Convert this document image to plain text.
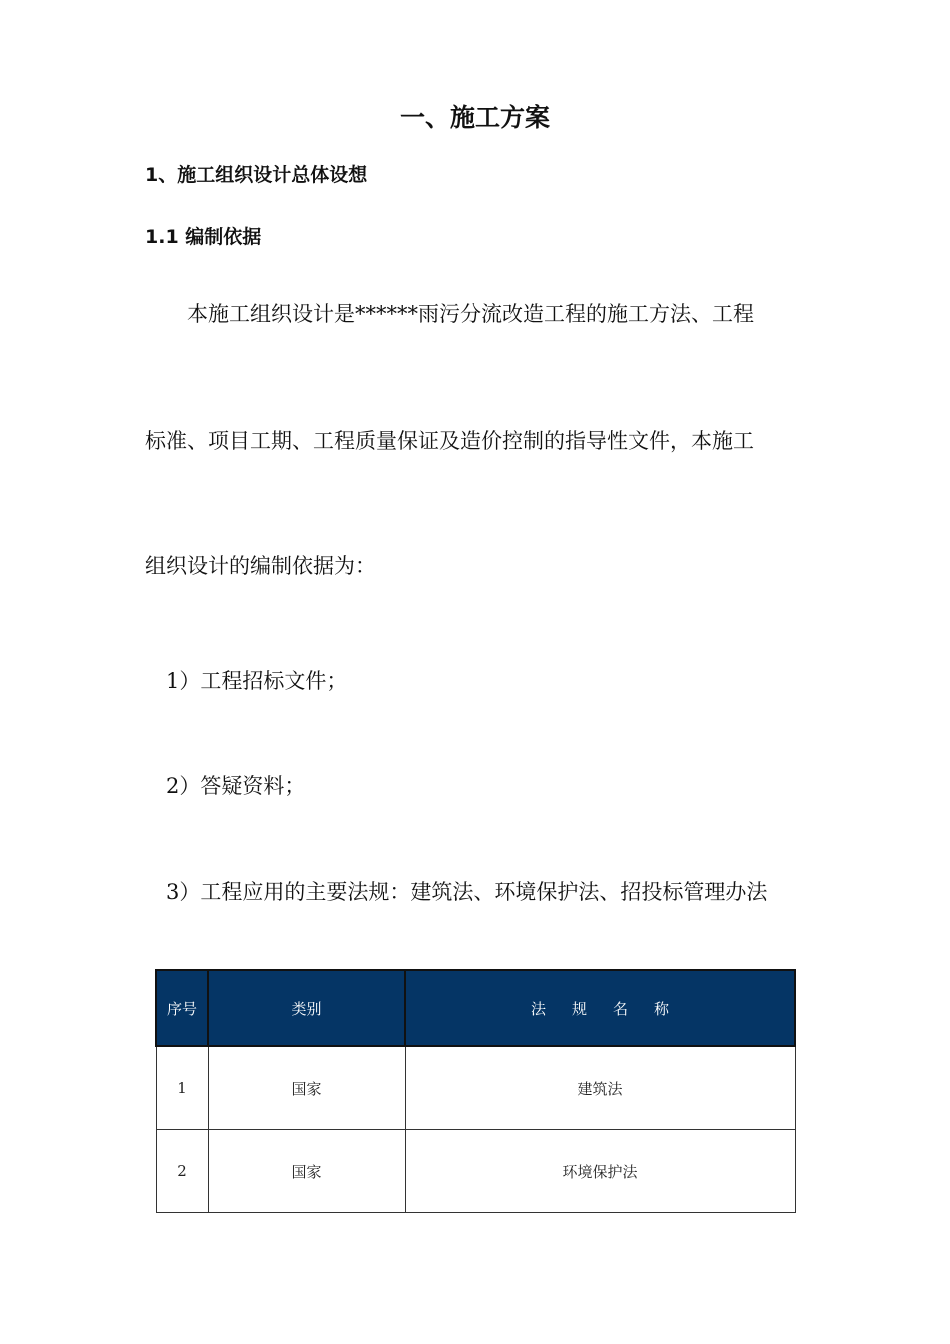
一、施工方案
1、施工组织设计总体设想
1.1 编制依据
本施工组织设计是******雨污分流改造工程的施工方法、工程
标准、项目工期、工程质量保证及造价控制的指导性文件，本施工
组织设计的编制依据为：
1）工程招标文件；
2）答疑资料；
3）工程应用的主要法规：建筑法、环境保护法、招投标管理办法
序号	类别	法规名称
1	国家	建筑法
2	国家	环境保护法
